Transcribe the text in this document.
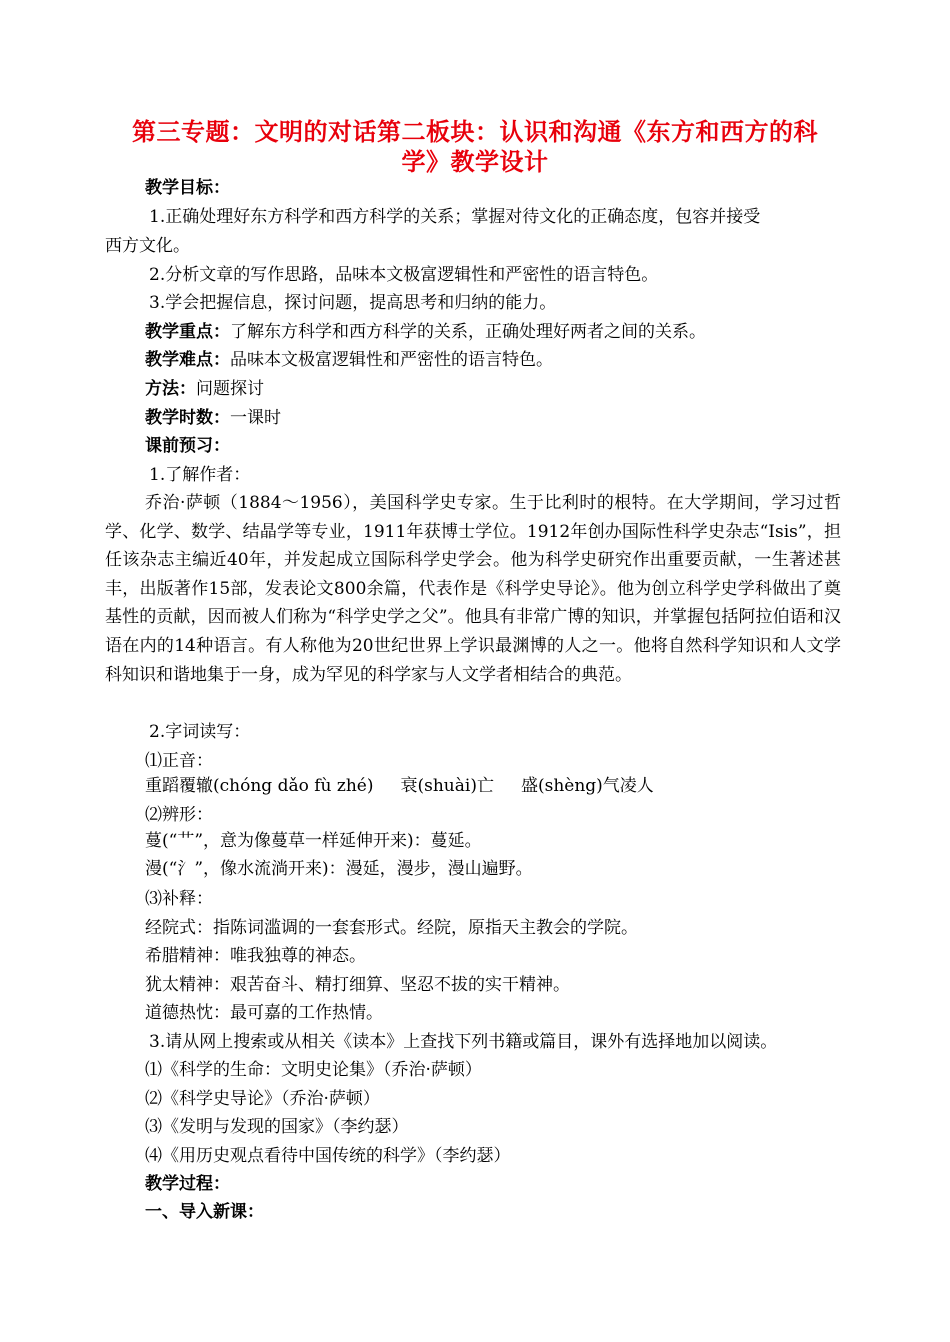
第三专题：文明的对话第二板块：认识和沟通《东方和西方的科
学》教学设计
教学目标：
1.正确处理好东方科学和西方科学的关系；掌握对待文化的正确态度，包容并接受
西方文化。
2.分析文章的写作思路，品味本文极富逻辑性和严密性的语言特色。
3.学会把握信息，探讨问题，提高思考和归纳的能力。
教学重点：了解东方科学和西方科学的关系，正确处理好两者之间的关系。
教学难点：品味本文极富逻辑性和严密性的语言特色。
方法：问题探讨
教学时数：一课时
课前预习：
1.了解作者：
乔治·萨顿（1884～1956），美国科学史专家。生于比利时的根特。在大学期间，学习过哲学、化学、数学、结晶学等专业，1911年获博士学位。1912年创办国际性科学史杂志“Isis”，担任该杂志主编近40年，并发起成立国际科学史学会。他为科学史研究作出重要贡献，一生著述甚丰，出版著作15部，发表论文800余篇，代表作是《科学史导论》。他为创立科学史学科做出了奠基性的贡献，因而被人们称为“科学史学之父”。他具有非常广博的知识，并掌握包括阿拉伯语和汉语在内的14种语言。有人称他为20世纪世界上学识最渊博的人之一。他将自然科学知识和人文学科知识和谐地集于一身，成为罕见的科学家与人文学者相结合的典范。
2.字词读写：
⑴正音：
重蹈覆辙(chóng dǎo fù zhé)     衰(shuài)亡     盛(shèng)气凌人
⑵辨形：
蔓(“艹”，意为像蔓草一样延伸开来)：蔓延。
漫(“氵”，像水流淌开来)：漫延，漫步，漫山遍野。
⑶补释：
经院式：指陈词滥调的一套套形式。经院，原指天主教会的学院。
希腊精神：唯我独尊的神态。
犹太精神：艰苦奋斗、精打细算、坚忍不拔的实干精神。
道德热忱：最可嘉的工作热情。
3.请从网上搜索或从相关《读本》上查找下列书籍或篇目，课外有选择地加以阅读。
⑴《科学的生命：文明史论集》（乔治·萨顿）
⑵《科学史导论》（乔治·萨顿）
⑶《发明与发现的国家》（李约瑟）
⑷《用历史观点看待中国传统的科学》（李约瑟）
教学过程：
一、导入新课：
